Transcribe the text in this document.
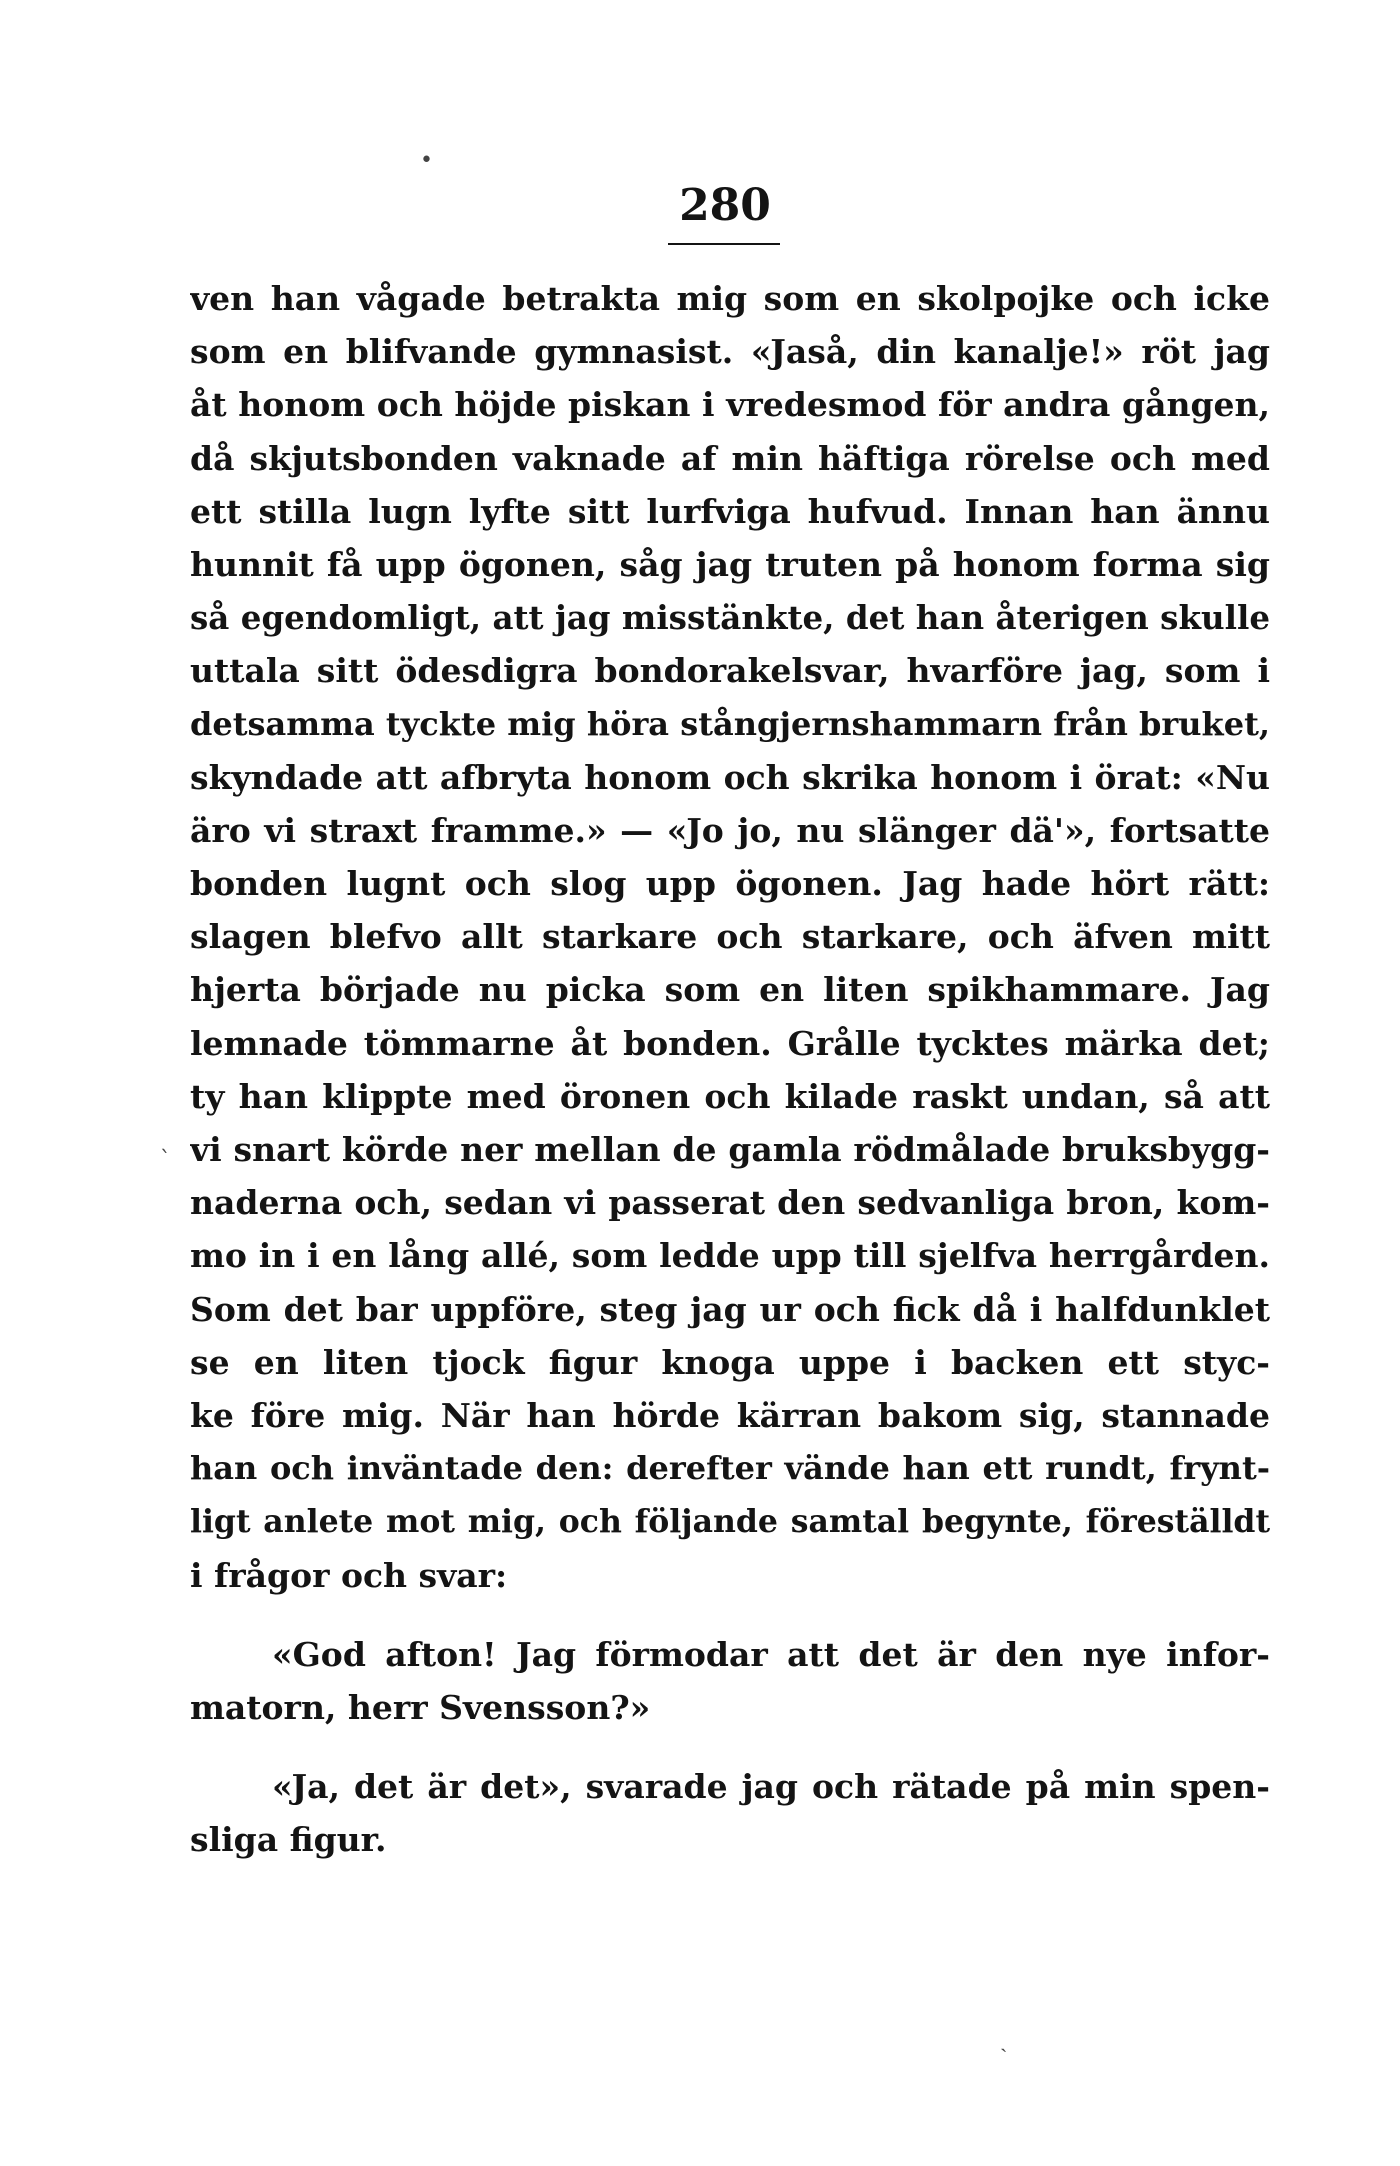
•
ˋ
ˎ
280
ven han vågade betrakta mig som en skolpojke och icke
som en blifvande gymnasist. «Jaså, din kanalje!» röt jag
åt honom och höjde piskan i vredesmod för andra gången,
då skjutsbonden vaknade af min häftiga rörelse och med
ett stilla lugn lyfte sitt lurfviga hufvud. Innan han ännu
hunnit få upp ögonen, såg jag truten på honom forma sig
så egendomligt, att jag misstänkte, det han återigen skulle
uttala sitt ödesdigra bondorakelsvar, hvarföre jag, som i
detsamma tyckte mig höra stångjernshammarn från bruket,
skyndade att afbryta honom och skrika honom i örat: «Nu
äro vi straxt framme.» — «Jo jo, nu slänger dä'», fortsatte
bonden lugnt och slog upp ögonen. Jag hade hört rätt:
slagen blefvo allt starkare och starkare, och äfven mitt
hjerta började nu picka som en liten spikhammare. Jag
lemnade tömmarne åt bonden. Grålle tycktes märka det;
ty han klippte med öronen och kilade raskt undan, så att
vi snart körde ner mellan de gamla rödmålade bruksbygg-
naderna och, sedan vi passerat den sedvanliga bron, kom-
mo in i en lång allé, som ledde upp till sjelfva herrgården.
Som det bar uppföre, steg jag ur och fick då i halfdunklet
se en liten tjock figur knoga uppe i backen ett styc-
ke före mig. När han hörde kärran bakom sig, stannade
han och inväntade den: derefter vände han ett rundt, frynt-
ligt anlete mot mig, och följande samtal begynte, föreställdt
i frågor och svar:
«God afton! Jag förmodar att det är den nye infor-
matorn, herr Svensson?»
«Ja, det är det», svarade jag och rätade på min spen-
sliga figur.
